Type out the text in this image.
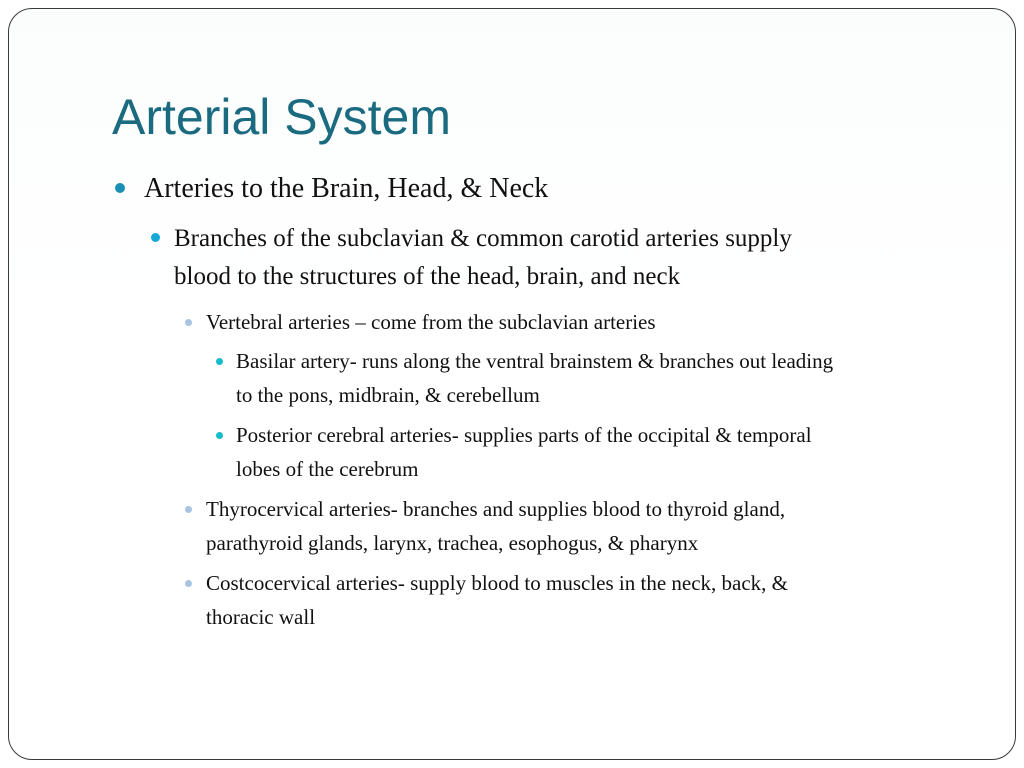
Arterial System
Arteries to the Brain, Head, & Neck
Branches of the subclavian & common carotid arteries supply
blood to the structures of the head, brain, and neck
Vertebral arteries – come from the subclavian arteries
Basilar artery- runs along the ventral brainstem & branches out leading
to the pons, midbrain, & cerebellum
Posterior cerebral arteries- supplies parts of the occipital & temporal
lobes of the cerebrum
Thyrocervical arteries- branches and supplies blood to thyroid gland,
parathyroid glands, larynx, trachea, esophogus, & pharynx
Costcocervical arteries- supply blood to muscles in the neck, back, &
thoracic wall
